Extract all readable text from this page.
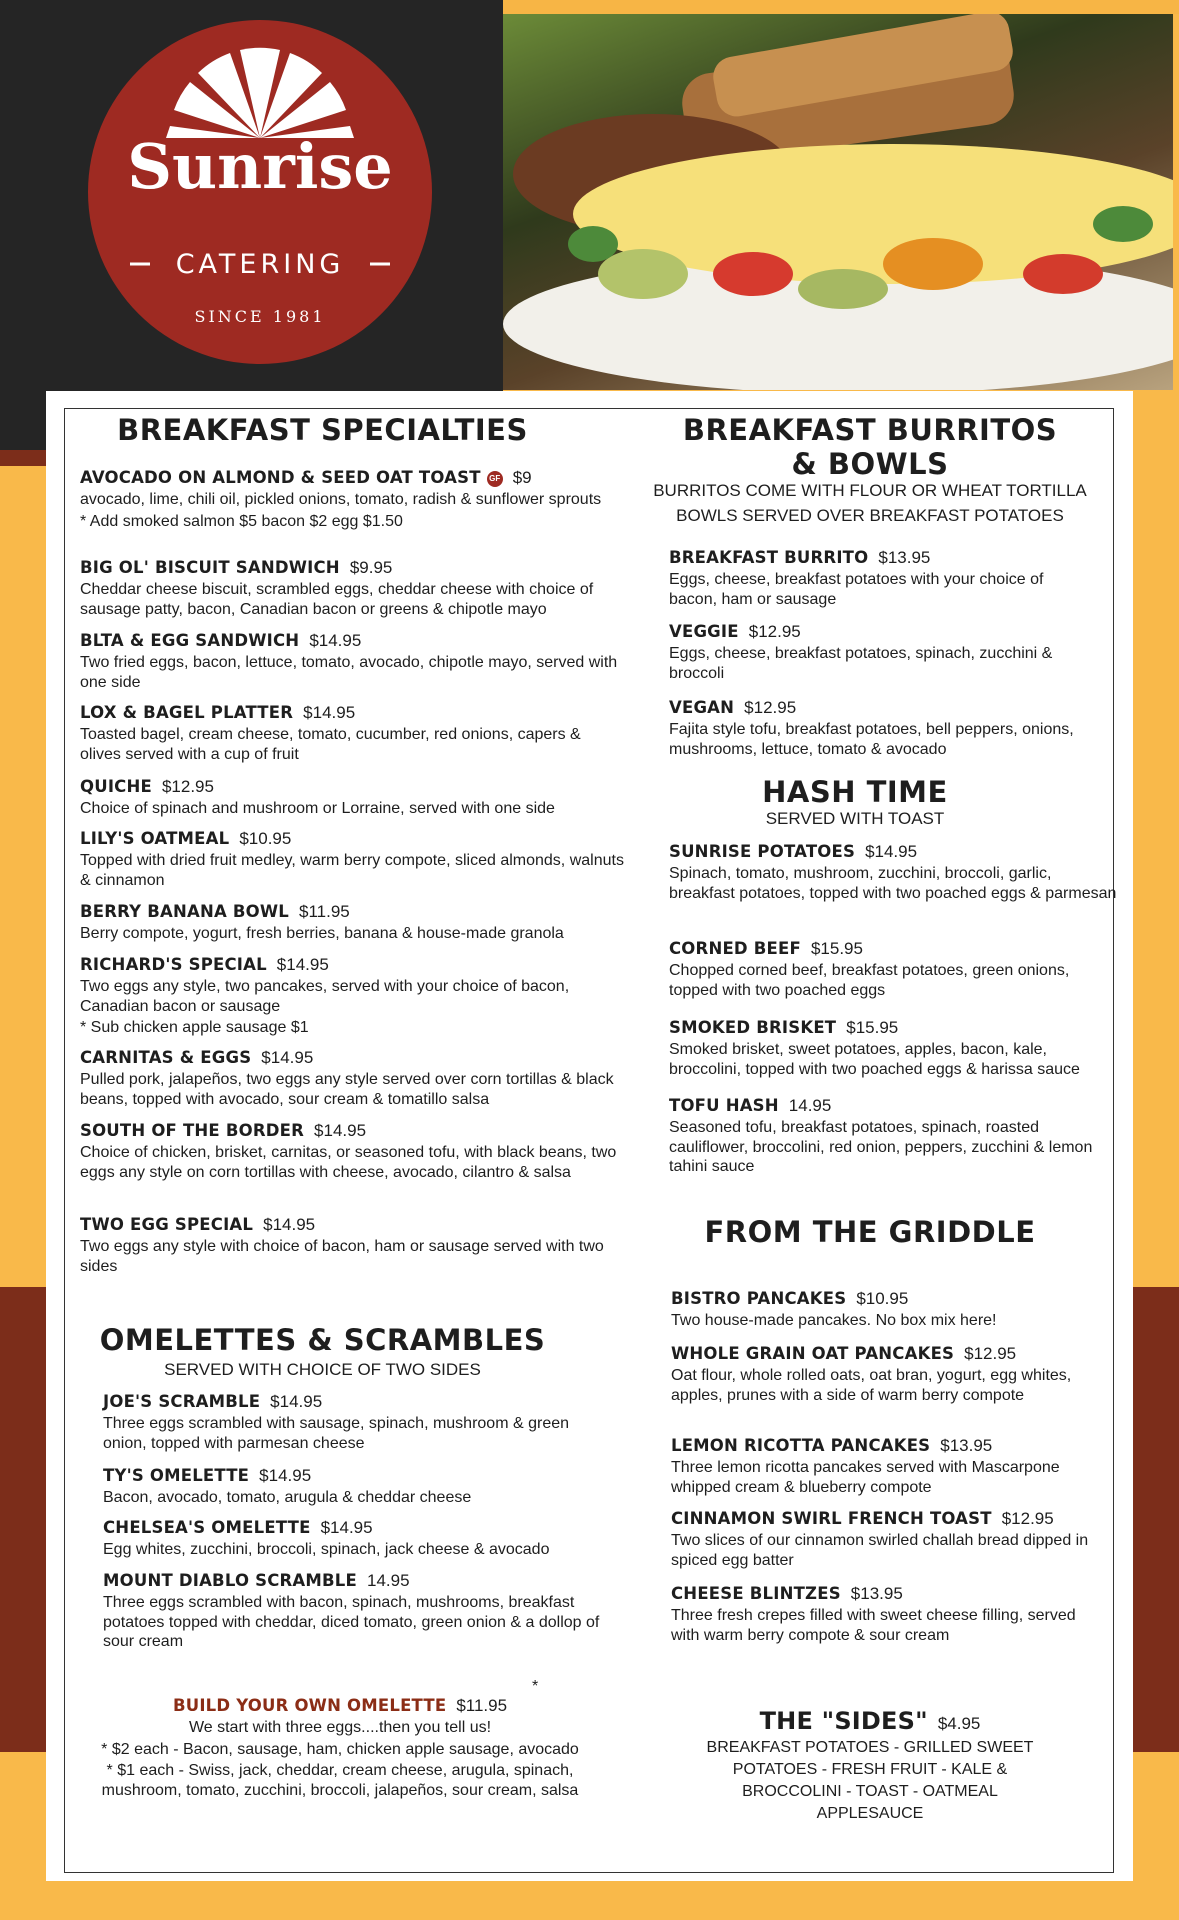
Sunrise
CATERING
SINCE 1981
BREAKFAST SPECIALTIES
AVOCADO ON ALMOND & SEED OAT TOAST GF $9
avocado, lime, chili oil, pickled onions, tomato, radish & sunflower sprouts
* Add smoked salmon $5 bacon $2 egg $1.50
BIG OL' BISCUIT SANDWICH $9.95
Cheddar cheese biscuit, scrambled eggs, cheddar cheese with choice of sausage patty, bacon, Canadian bacon or greens & chipotle mayo
BLTA & EGG SANDWICH $14.95
Two fried eggs, bacon, lettuce, tomato, avocado, chipotle mayo, served with one side
LOX & BAGEL PLATTER $14.95
Toasted bagel, cream cheese, tomato, cucumber, red onions, capers & olives served with a cup of fruit
QUICHE $12.95
Choice of spinach and mushroom or Lorraine, served with one side
LILY'S OATMEAL $10.95
Topped with dried fruit medley, warm berry compote, sliced almonds, walnuts & cinnamon
BERRY BANANA BOWL $11.95
Berry compote, yogurt, fresh berries, banana & house-made granola
RICHARD'S SPECIAL $14.95
Two eggs any style, two pancakes, served with your choice of bacon, Canadian bacon or sausage
* Sub chicken apple sausage $1
CARNITAS & EGGS $14.95
Pulled pork, jalapeños, two eggs any style served over corn tortillas & black beans, topped with avocado, sour cream & tomatillo salsa
SOUTH OF THE BORDER $14.95
Choice of chicken, brisket, carnitas, or seasoned tofu, with black beans, two eggs any style on corn tortillas with cheese, avocado, cilantro & salsa
TWO EGG SPECIAL $14.95
Two eggs any style with choice of bacon, ham or sausage served with two sides
OMELETTES & SCRAMBLES
SERVED WITH CHOICE OF TWO SIDES
JOE'S SCRAMBLE $14.95
Three eggs scrambled with sausage, spinach, mushroom & green onion, topped with parmesan cheese
TY'S OMELETTE $14.95
Bacon, avocado, tomato, arugula & cheddar cheese
CHELSEA'S OMELETTE $14.95
Egg whites, zucchini, broccoli, spinach, jack cheese & avocado
MOUNT DIABLO SCRAMBLE 14.95
Three eggs scrambled with bacon, spinach, mushrooms, breakfast potatoes topped with cheddar, diced tomato, green onion & a dollop of sour cream
*
BUILD YOUR OWN OMELETTE $11.95
We start with three eggs....then you tell us!
* $2 each - Bacon, sausage, ham, chicken apple sausage, avocado
* $1 each - Swiss, jack, cheddar, cream cheese, arugula, spinach, mushroom, tomato, zucchini, broccoli, jalapeños, sour cream, salsa
BREAKFAST BURRITOS
& BOWLS
BURRITOS COME WITH FLOUR OR WHEAT TORTILLA
BOWLS SERVED OVER BREAKFAST POTATOES
BREAKFAST BURRITO $13.95
Eggs, cheese, breakfast potatoes with your choice of bacon, ham or sausage
VEGGIE $12.95
Eggs, cheese, breakfast potatoes, spinach, zucchini & broccoli
VEGAN $12.95
Fajita style tofu, breakfast potatoes, bell peppers, onions, mushrooms, lettuce, tomato & avocado
HASH TIME
SERVED WITH TOAST
SUNRISE POTATOES $14.95
Spinach, tomato, mushroom, zucchini, broccoli, garlic, breakfast potatoes, topped with two poached eggs & parmesan
CORNED BEEF $15.95
Chopped corned beef, breakfast potatoes, green onions, topped with two poached eggs
SMOKED BRISKET $15.95
Smoked brisket, sweet potatoes, apples, bacon, kale, broccolini, topped with two poached eggs & harissa sauce
TOFU HASH 14.95
Seasoned tofu, breakfast potatoes, spinach, roasted cauliflower, broccolini, red onion, peppers, zucchini & lemon tahini sauce
FROM THE GRIDDLE
BISTRO PANCAKES $10.95
Two house-made pancakes. No box mix here!
WHOLE GRAIN OAT PANCAKES $12.95
Oat flour, whole rolled oats, oat bran, yogurt, egg whites, apples, prunes with a side of warm berry compote
LEMON RICOTTA PANCAKES $13.95
Three lemon ricotta pancakes served with Mascarpone whipped cream & blueberry compote
CINNAMON SWIRL FRENCH TOAST $12.95
Two slices of our cinnamon swirled challah bread dipped in spiced egg batter
CHEESE BLINTZES $13.95
Three fresh crepes filled with sweet cheese filling, served with warm berry compote & sour cream
THE "SIDES" $4.95
BREAKFAST POTATOES - GRILLED SWEET POTATOES - FRESH FRUIT - KALE & BROCCOLINI - TOAST - OATMEAL APPLESAUCE
